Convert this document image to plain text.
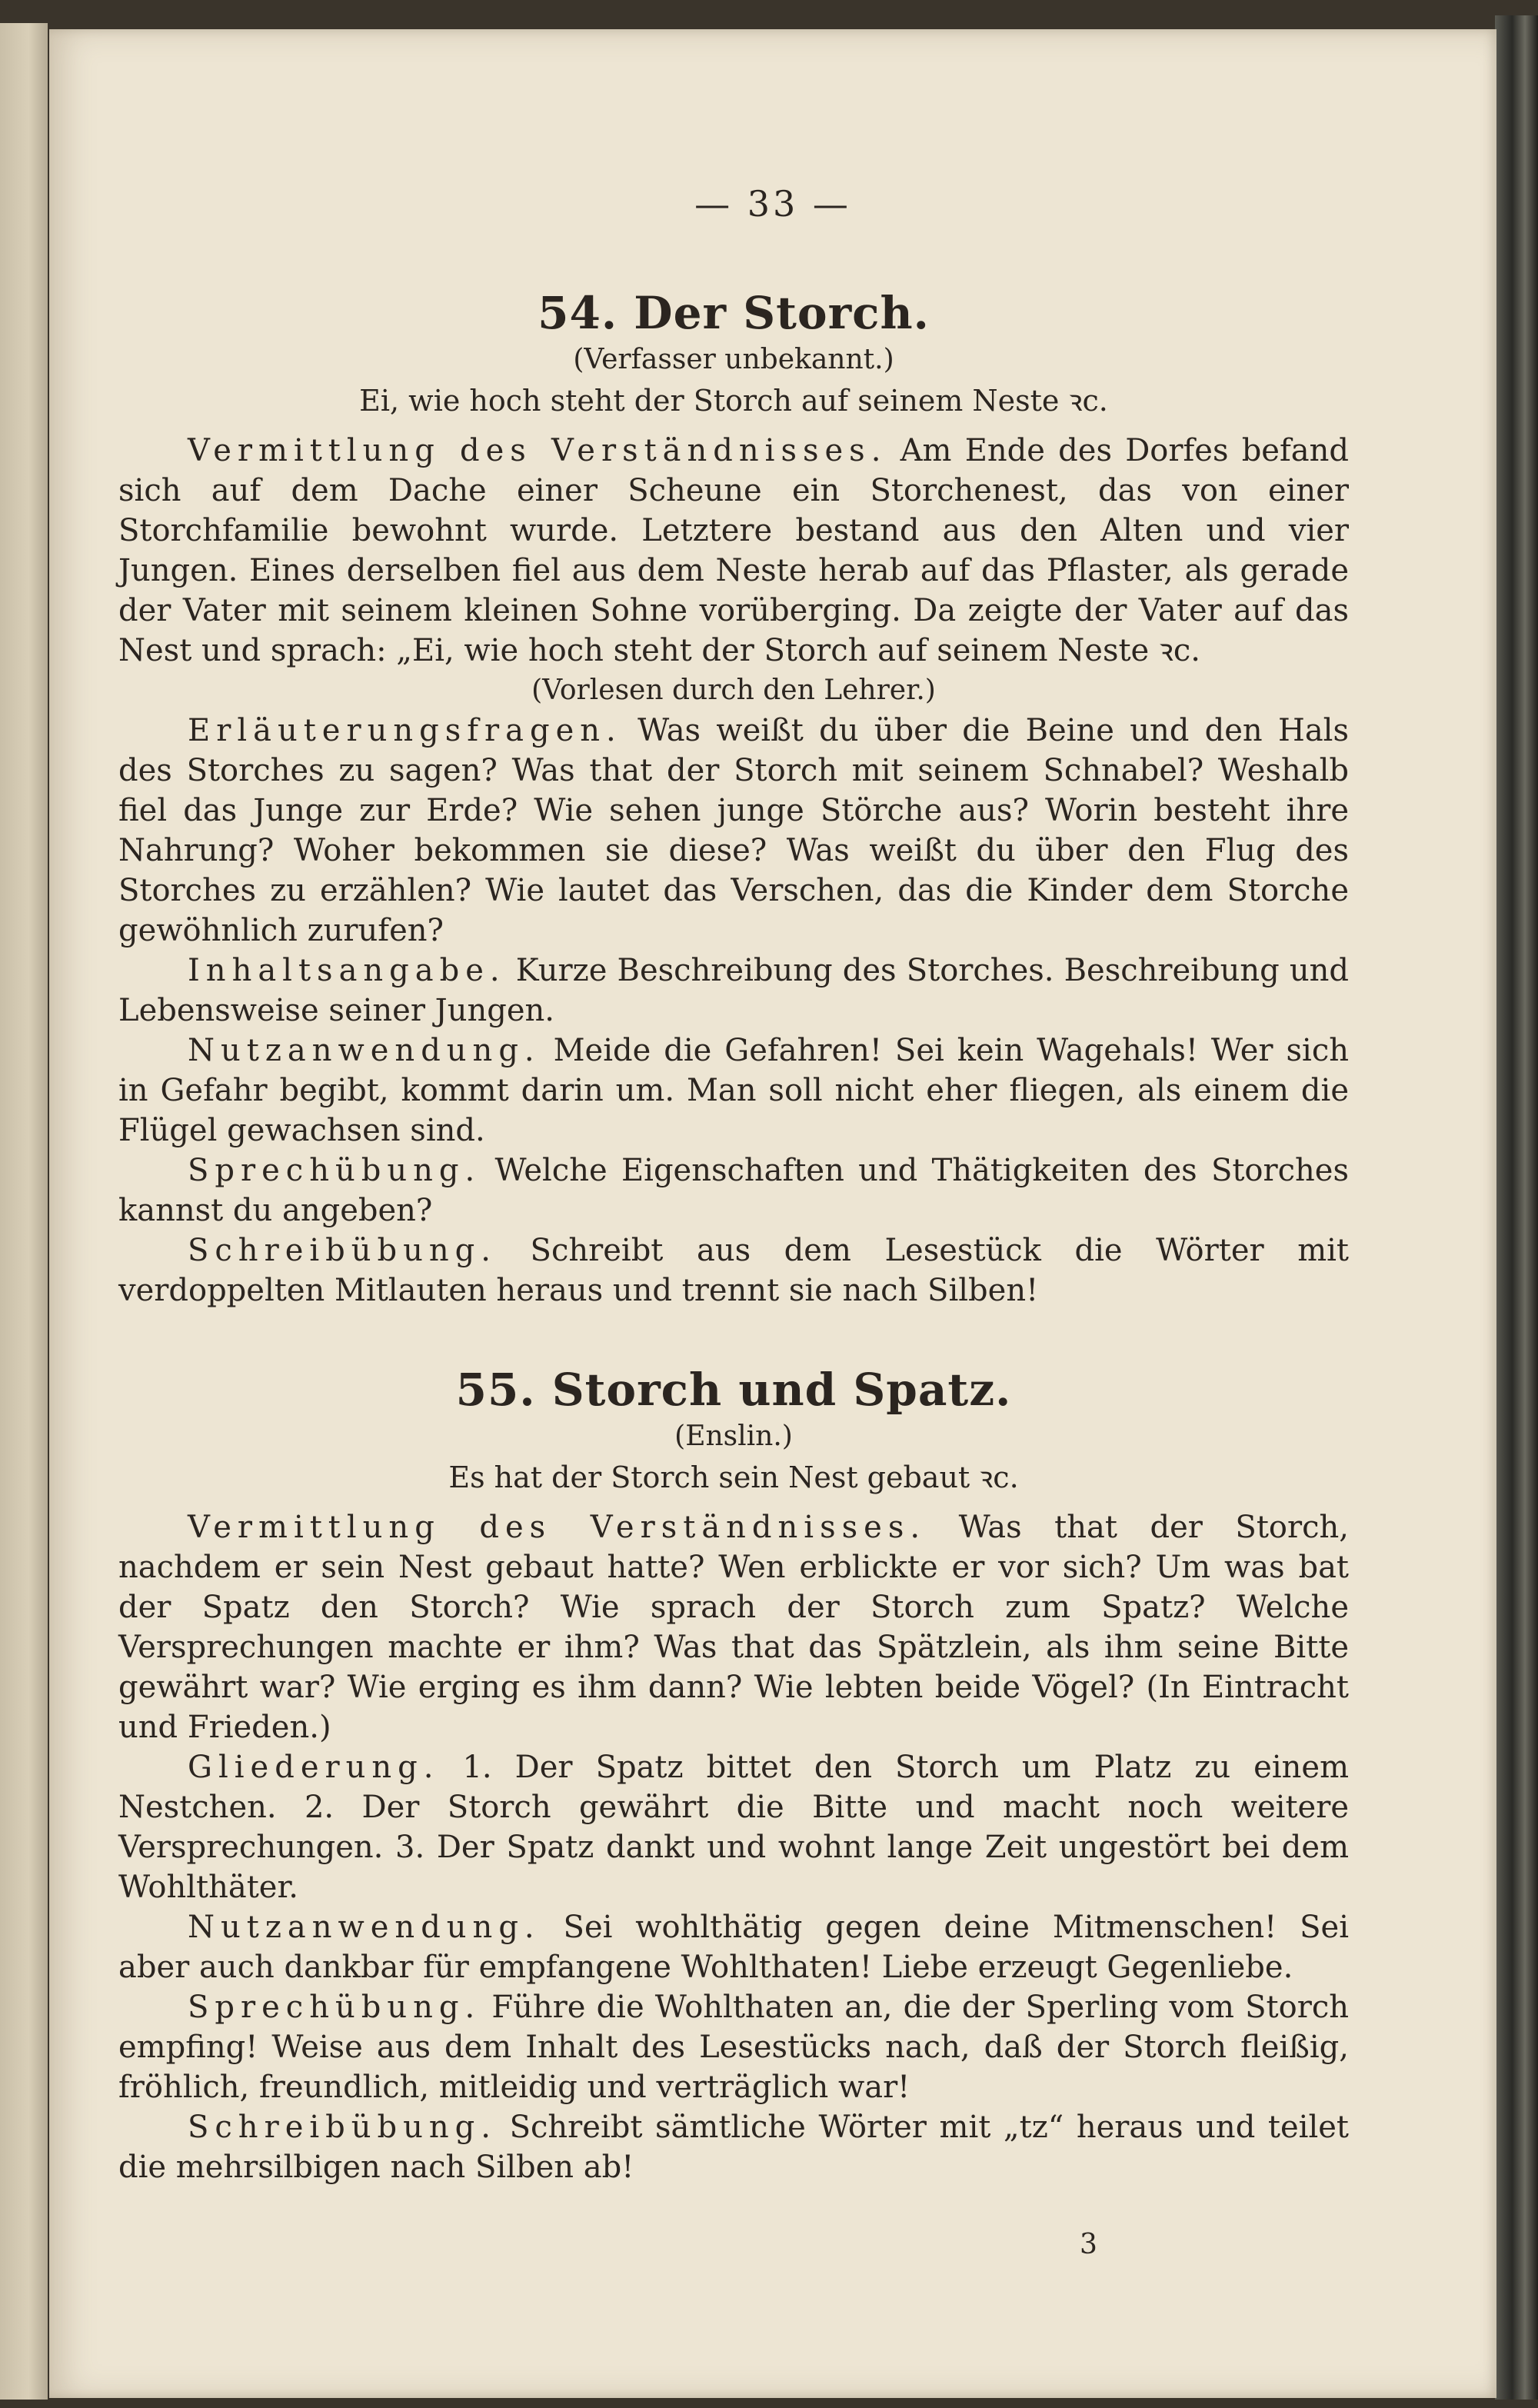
— 33 —
54. Der Storch.
(Verfasser unbekannt.)
Ei, wie hoch steht der Storch auf seinem Neste ꝛc.

Vermittlung des Verständnisses. Am Ende des Dorfes befand sich auf dem Dache einer Scheune ein Storchenest, das von einer Storchfamilie bewohnt wurde. Letztere bestand aus den Alten und vier Jungen. Eines derselben fiel aus dem Neste herab auf das Pflaster, als gerade der Vater mit seinem kleinen Sohne vorüberging. Da zeigte der Vater auf das Nest und sprach: „Ei, wie hoch steht der Storch auf seinem Neste ꝛc.

(Vorlesen durch den Lehrer.)

Erläuterungsfragen. Was weißt du über die Beine und den Hals des Storches zu sagen? Was that der Storch mit seinem Schnabel? Weshalb fiel das Junge zur Erde? Wie sehen junge Störche aus? Worin besteht ihre Nahrung? Woher bekommen sie diese? Was weißt du über den Flug des Storches zu erzählen? Wie lautet das Verschen, das die Kinder dem Storche gewöhnlich zurufen?

Inhaltsangabe. Kurze Beschreibung des Storches. Beschreibung und Lebensweise seiner Jungen.

Nutzanwendung. Meide die Gefahren! Sei kein Wagehals! Wer sich in Gefahr begibt, kommt darin um. Man soll nicht eher fliegen, als einem die Flügel gewachsen sind.

Sprechübung. Welche Eigenschaften und Thätigkeiten des Storches kannst du angeben?

Schreibübung. Schreibt aus dem Lesestück die Wörter mit verdoppelten Mitlauten heraus und trennt sie nach Silben!

55. Storch und Spatz.
(Enslin.)
Es hat der Storch sein Nest gebaut ꝛc.

Vermittlung des Verständnisses. Was that der Storch, nachdem er sein Nest gebaut hatte? Wen erblickte er vor sich? Um was bat der Spatz den Storch? Wie sprach der Storch zum Spatz? Welche Versprechungen machte er ihm? Was that das Spätzlein, als ihm seine Bitte gewährt war? Wie erging es ihm dann? Wie lebten beide Vögel? (In Eintracht und Frieden.)

Gliederung. 1. Der Spatz bittet den Storch um Platz zu einem Nestchen. 2. Der Storch gewährt die Bitte und macht noch weitere Versprechungen. 3. Der Spatz dankt und wohnt lange Zeit ungestört bei dem Wohlthäter.

Nutzanwendung. Sei wohlthätig gegen deine Mitmenschen! Sei aber auch dankbar für empfangene Wohlthaten! Liebe erzeugt Gegenliebe.

Sprechübung. Führe die Wohlthaten an, die der Sperling vom Storch empfing! Weise aus dem Inhalt des Lesestücks nach, daß der Storch fleißig, fröhlich, freundlich, mitleidig und verträglich war!

Schreibübung. Schreibt sämtliche Wörter mit „tz“ heraus und teilet die mehrsilbigen nach Silben ab!

3
